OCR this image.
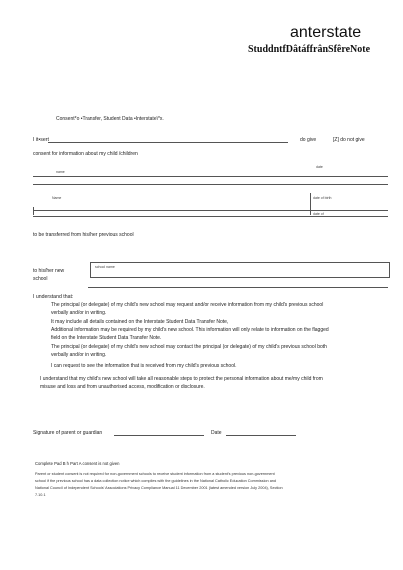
anterstate
StuddntfDâtáffrânSfêreNote
Consent*o •Transfer, Student Data •Interstate\*x.
I it•sert	do give	[Z] do not give
consent for information about my child /children
date
name
Name	date of birth
date of
to be transferred from his/her previous school
school name
to his/her new
school
I understand that:
The principal (or delegate) of my child's new school may request and/or receive information from my child's previous school
verbally and/or in writing.
It may include all details contained on the Interstate Student Data Transfer Note,
Additional information may be required by my child's new school. This information will only relate to information on the flagged
field on the Interstate Student Data Transfer Note.
The principal (or delegate) of my child's new school may contact the principal (or delegate) of my child's previous school both
verbally and/or in writing.
I can request to see the information that is received from my child's previous school.
I understand that my child's new school will take all reasonable steps to protect the personal information about me/my child from
misuse and loss and from unauthorised access, modification or disclosure.
Signature of parent or guardian	Date
Complete Pad B h Part A consent is not given
Parent or student consent is not required for non-government schools to receive student information from a student's previous non-government
school if the previous school has a data collection notice which complies with the guidelines in the National Catholic Education Commission and
National Council of Independent Schools' Associations Privacy Compliance Manual 11 December 2001 (latest amended version July 2004), Section
7.10.1
